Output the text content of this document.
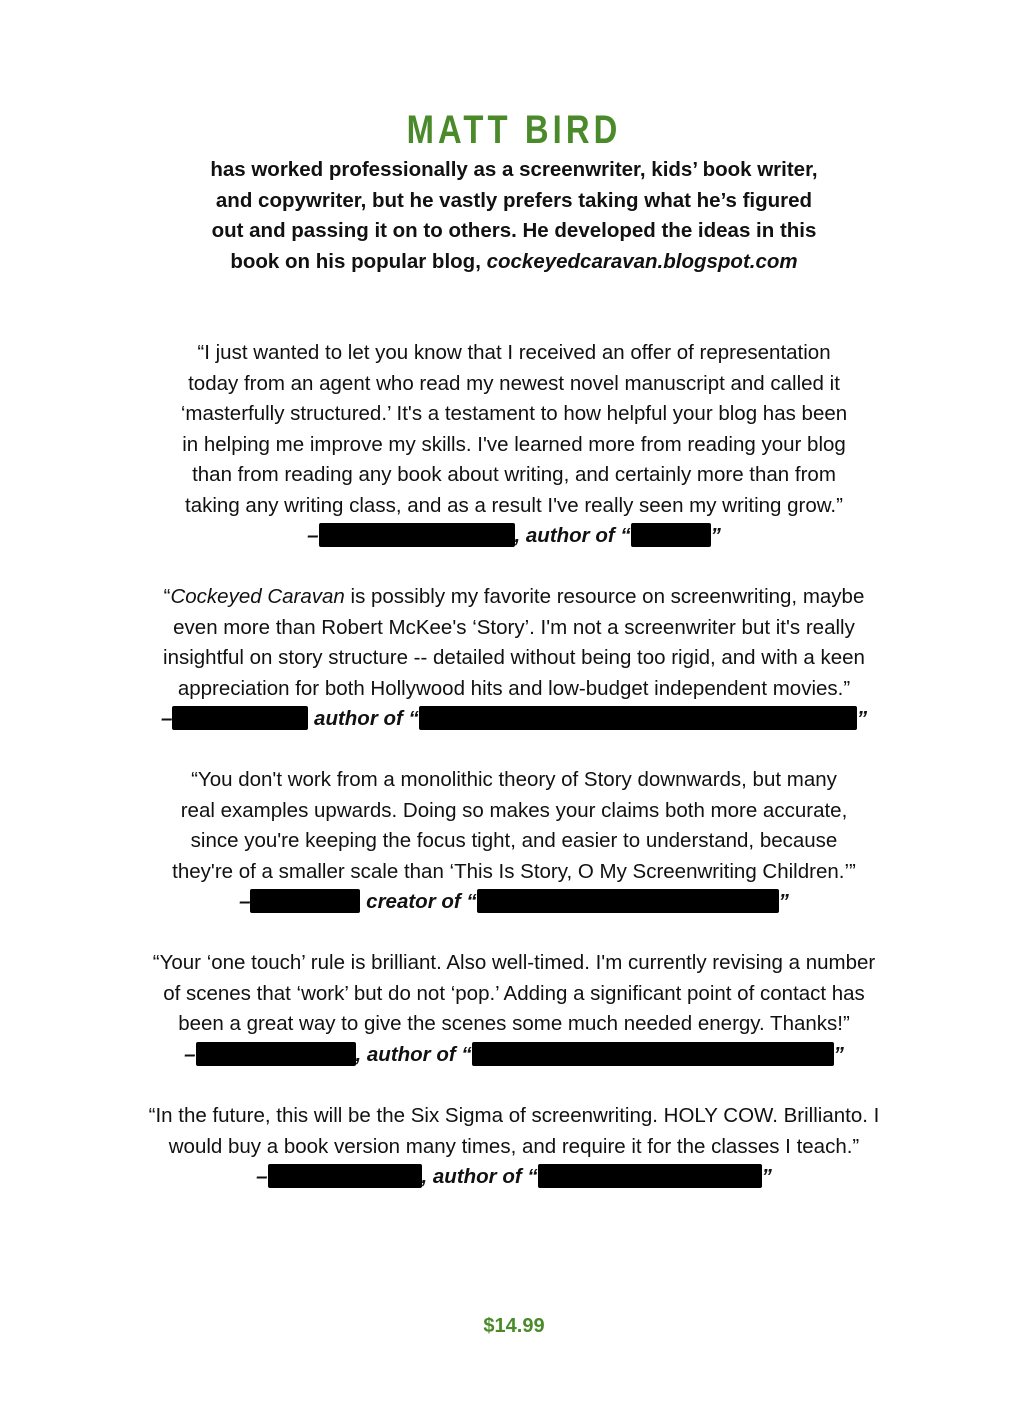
MATT BIRD
has worked professionally as a screenwriter, kids’ book writer,
and copywriter, but he vastly prefers taking what he’s figured
out and passing it on to others. He developed the ideas in this
book on his popular blog, cockeyedcaravan.blogspot.com

“I just wanted to let you know that I received an offer of representation

today from an agent who read my newest novel manuscript and called it

‘masterfully structured.’ It's a testament to how helpful your blog has been

in helping me improve my skills. I've learned more from reading your blog

than from reading any book about writing, and certainly more than from

taking any writing class, and as a result I've really seen my writing grow.”

–	, author of “	”

“Cockeyed Caravan is possibly my favorite resource on screenwriting, maybe

even more than Robert McKee's ‘Story’. I'm not a screenwriter but it's really

insightful on story structure -- detailed without being too rigid, and with a keen

appreciation for both Hollywood hits and low-budget independent movies.”

–	author of “	”

“You don't work from a monolithic theory of Story downwards, but many

real examples upwards. Doing so makes your claims both more accurate,

since you're keeping the focus tight, and easier to understand, because

they're of a smaller scale than ‘This Is Story, O My Screenwriting Children.’”

–	creator of “	”

“Your ‘one touch’ rule is brilliant. Also well-timed. I'm currently revising a number

of scenes that ‘work’ but do not ‘pop.’ Adding a significant point of contact has

been a great way to give the scenes some much needed energy. Thanks!”

–	, author of “	”

“In the future, this will be the Six Sigma of screenwriting. HOLY COW. Brillianto. I

would buy a book version many times, and require it for the classes I teach.”

–	, author of “	”

$14.99
